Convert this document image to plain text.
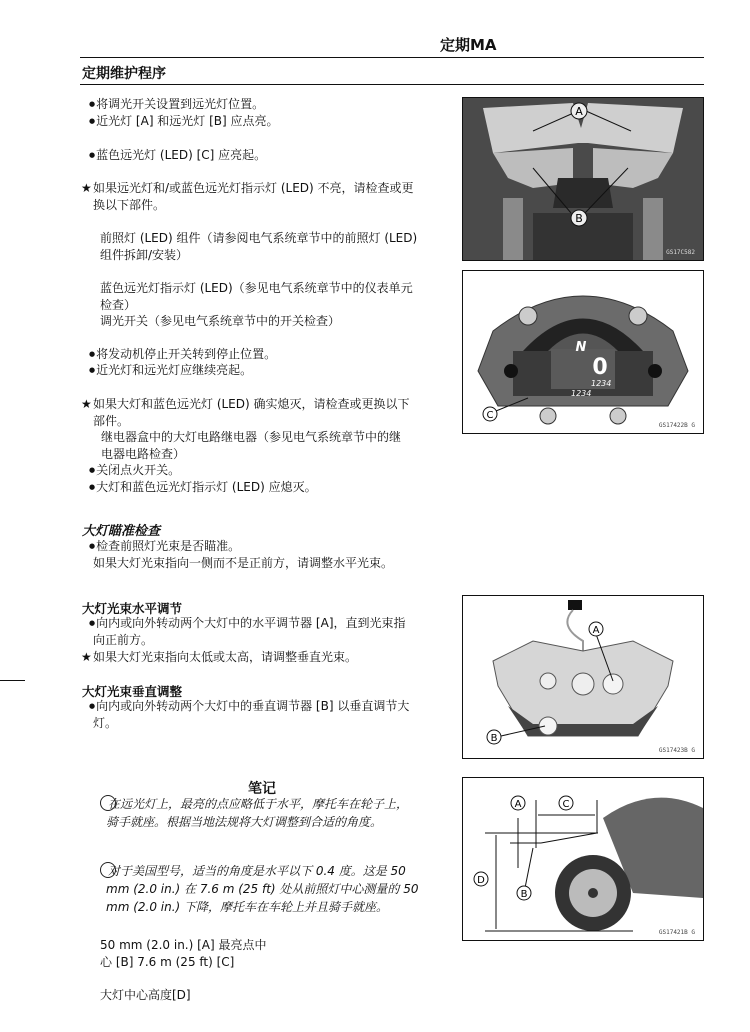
定期MA
定期维护程序
● 将调光开关设置到远光灯位置。
● 近光灯 [A] 和远光灯 [B] 应点亮。
● 蓝色远光灯 (LED) [C] 应亮起。
★ 如果远光灯和/或蓝色远光灯指示灯 (LED) 不亮，请检查或更
换以下部件。
前照灯 (LED) 组件（请参阅电气系统章节中的前照灯 (LED)
组件拆卸/安装）
蓝色远光灯指示灯 (LED)（参见电气系统章节中的仪表单元
检查）
调光开关（参见电气系统章节中的开关检查）
● 将发动机停止开关转到停止位置。
● 近光灯和远光灯应继续亮起。
★ 如果大灯和蓝色远光灯 (LED) 确实熄灭，请检查或更换以下
部件。
继电器盒中的大灯电路继电器（参见电气系统章节中的继
电器电路检查）
● 关闭点火开关。
● 大灯和蓝色远光灯指示灯 (LED) 应熄灭。
大灯瞄准检查
● 检查前照灯光束是否瞄准。
如果大灯光束指向一侧而不是正前方，请调整水平光束。
大灯光束水平调节
● 向内或向外转动两个大灯中的水平调节器 [A]，直到光束指
向正前方。
★ 如果大灯光束指向太低或太高，请调整垂直光束。
大灯光束垂直调整
● 向内或向外转动两个大灯中的垂直调节器 [B] 以垂直调节大
灯。
笔记
在远光灯上，最亮的点应略低于水平，摩托车在轮子上，
骑手就座。根据当地法规将大灯调整到合适的角度。
对于美国型号，适当的角度是水平以下 0.4 度。这是 50
mm (2.0 in.) 在 7.6 m (25 ft) 处从前照灯中心测量的 50
mm (2.0 in.) 下降，摩托车在车轮上并且骑手就座。
50 mm (2.0 in.) [A] 最亮点中
心 [B] 7.6 m (25 ft) [C]
大灯中心高度[D]
A
B
GS17C582
N
0
1234
1234
C
GS17422B G
A
B
GS17423B G
A	C
B
D
GS17421B G
